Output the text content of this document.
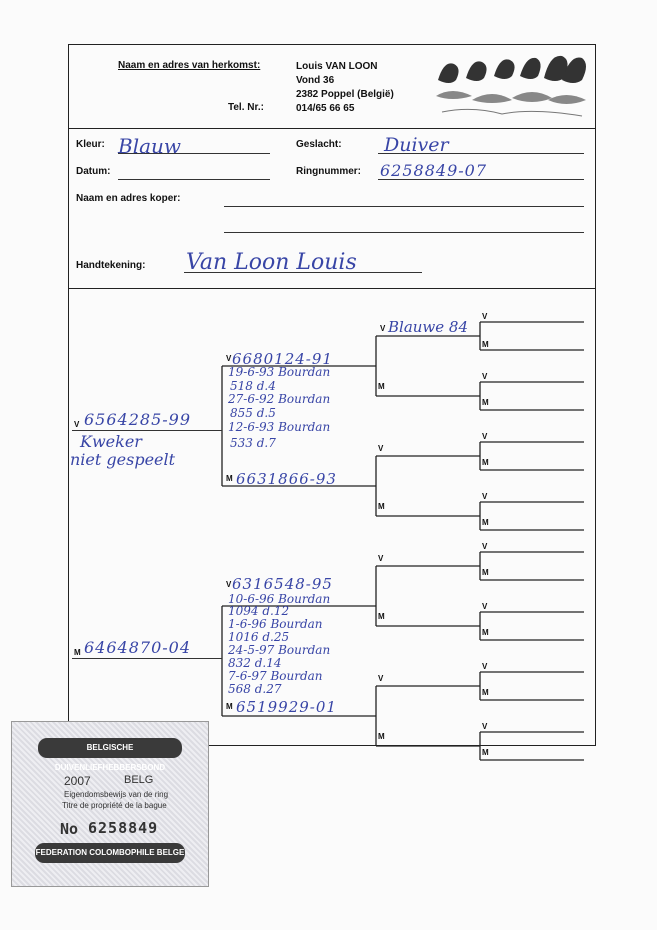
Naam en adres van herkomst:
Tel. Nr.:
Louis VAN LOON
Vond 36
2382 Poppel (België)
014/65 66 65
Kleur: Blauw
Datum:
Geslacht: Duiver
Ringnummer: 6258849-07
Naam en adres koper:
Handtekening: Van Loon Louis
V
M
V
M
V
M
V
M
V
M
V
M
V
M
V
M
V
M
V
M
V
M
V
M
V
M
V
M
V 6564285-99
Kweker
niet gespeelt
6680124-91
19-6-93 Bourdan
518 d.4
27-6-92 Bourdan
855 d.5
12-6-93 Bourdan
533 d.7
6631866-93
Blauwe 84
M 6464870-04
6316548-95
10-6-96 Bourdan
1094 d.12
1-6-96 Bourdan
1016 d.25
24-5-97 Bourdan
832 d.14
7-6-97 Bourdan
568 d.27
6519929-01
BELGISCHE DUIVENLIEFHEBBERSBOND
2007	BELG
Eigendomsbewijs van de ring
Titre de propriété de la bague
No 6258849
FEDERATION COLOMBOPHILE BELGE
